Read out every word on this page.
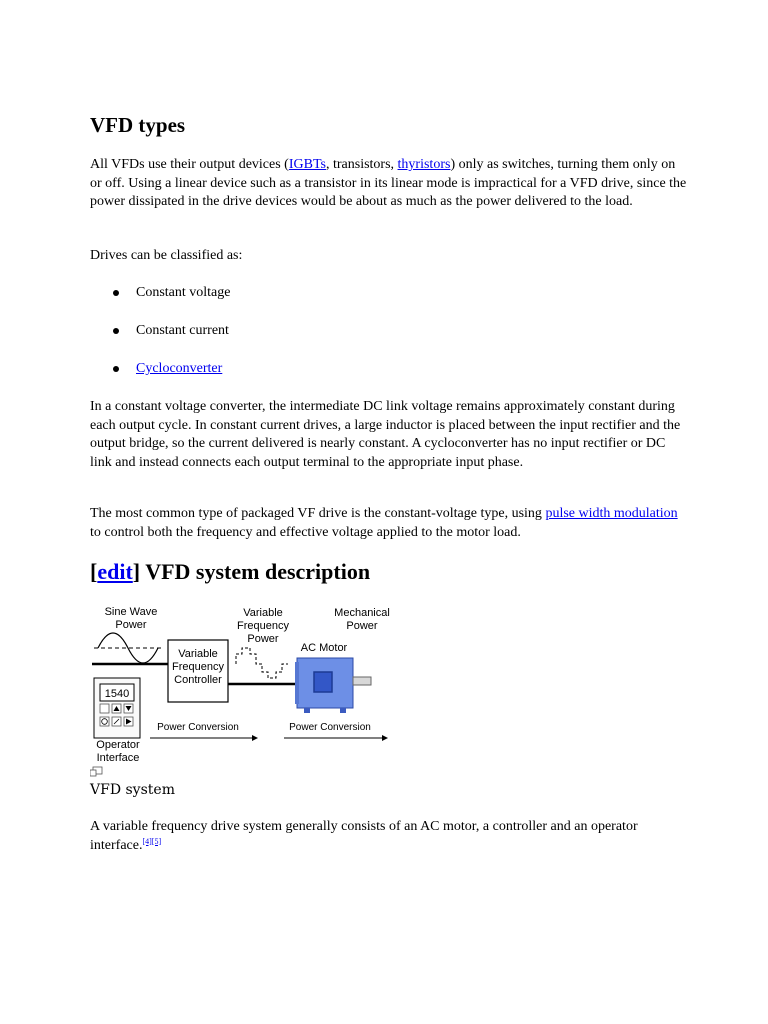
VFD types

All VFDs use their output devices (IGBTs, transistors, thyristors) only as switches, turning them only on or off. Using a linear device such as a transistor in its linear mode is impractical for a VFD drive, since the power dissipated in the drive devices would be about as much as the power delivered to the load.

Drives can be classified as:

Constant voltage
Constant current
Cycloconverter

In a constant voltage converter, the intermediate DC link voltage remains approximately constant during each output cycle. In constant current drives, a large inductor is placed between the input rectifier and the output bridge, so the current delivered is nearly constant. A cycloconverter has no input rectifier or DC link and instead connects each output terminal to the appropriate input phase.

The most common type of packaged VF drive is the constant-voltage type, using pulse width modulation to control both the frequency and effective voltage applied to the motor load.

[edit] VFD system description

A variable frequency drive system generally consists of an AC motor, a controller and an operator interface.[4][5]

Sine Wave
Power
Variable
Frequency
Controller
Variable
Frequency
Power
Mechanical
Power
AC Motor
1540
Power Conversion	Power Conversion
Operator
Interface
VFD system
